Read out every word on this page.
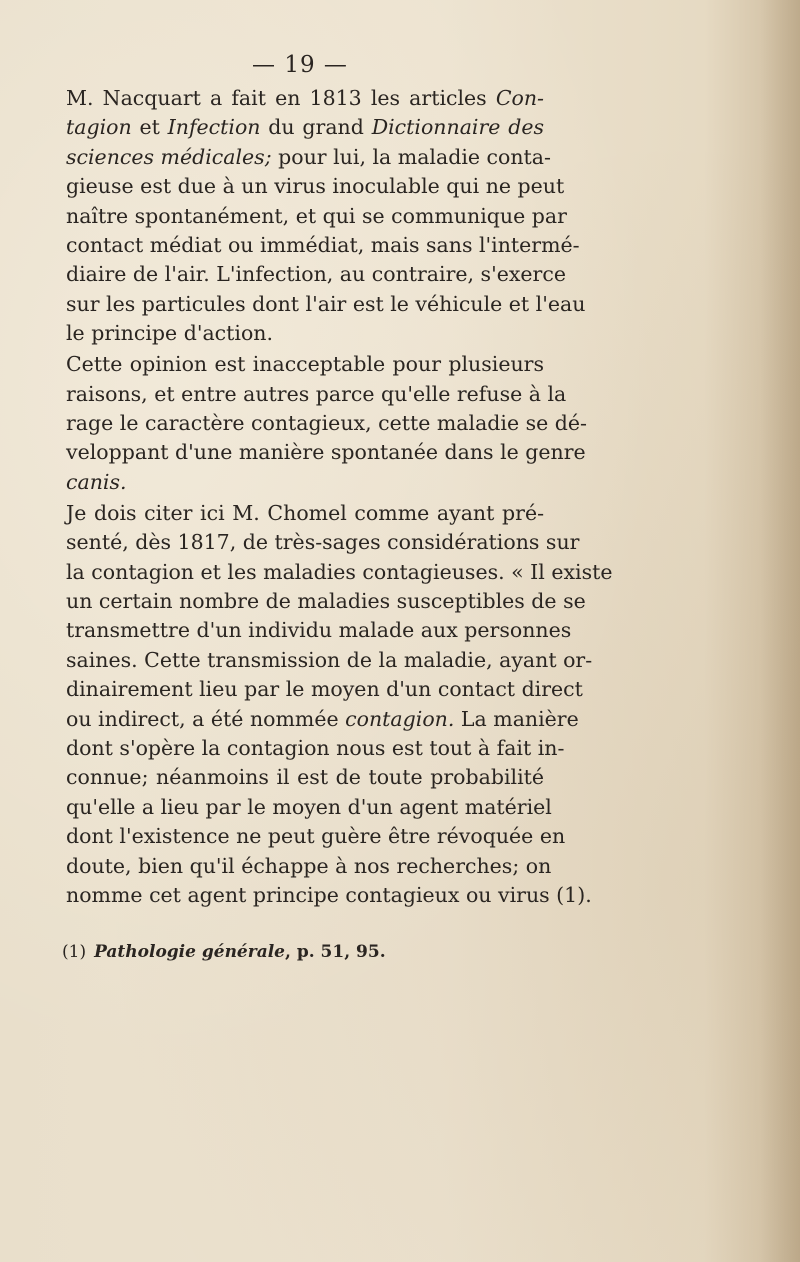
— 19 —

M. Nacquart a fait en 1813 les articles Con-
tagion et Infection du grand Dictionnaire des
sciences médicales; pour lui, la maladie conta-
gieuse est due à un virus inoculable qui ne peut
naître spontanément, et qui se communique par
contact médiat ou immédiat, mais sans l'intermé-
diaire de l'air. L'infection, au contraire, s'exerce
sur les particules dont l'air est le véhicule et l'eau
le principe d'action.

Cette opinion est inacceptable pour plusieurs
raisons, et entre autres parce qu'elle refuse à la
rage le caractère contagieux, cette maladie se dé-
veloppant d'une manière spontanée dans le genre
canis.

Je dois citer ici M. Chomel comme ayant pré-
senté, dès 1817, de très-sages considérations sur
la contagion et les maladies contagieuses. « Il existe
un certain nombre de maladies susceptibles de se
transmettre d'un individu malade aux personnes
saines. Cette transmission de la maladie, ayant or-
dinairement lieu par le moyen d'un contact direct
ou indirect, a été nommée contagion. La manière
dont s'opère la contagion nous est tout à fait in-
connue; néanmoins il est de toute probabilité
qu'elle a lieu par le moyen d'un agent matériel
dont l'existence ne peut guère être révoquée en
doute, bien qu'il échappe à nos recherches; on
nomme cet agent principe contagieux ou virus (1).

(1) Pathologie générale, p. 51, 95.
